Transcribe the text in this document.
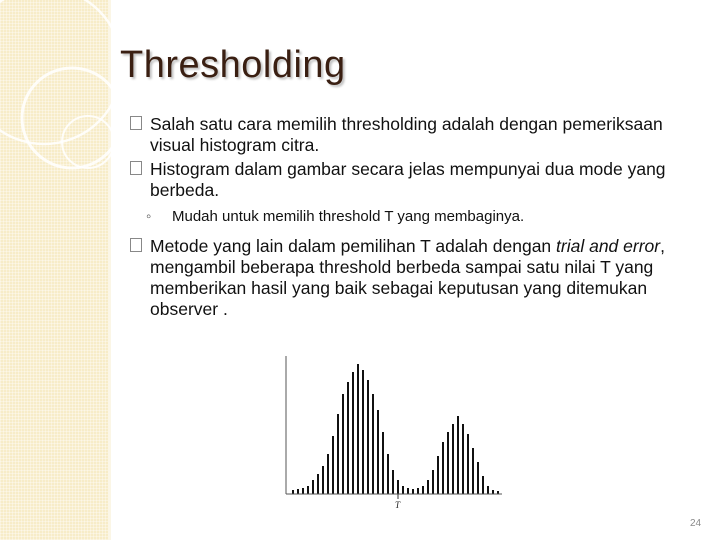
Thresholding
Salah satu cara memilih thresholding adalah dengan pemeriksaan visual histogram citra.
Histogram dalam gambar secara jelas mempunyai dua mode yang berbeda.
◦ Mudah untuk memilih threshold T yang membaginya.
Metode yang lain dalam pemilihan T adalah dengan trial and error, mengambil beberapa threshold berbeda sampai satu nilai T yang memberikan hasil yang baik sebagai keputusan yang ditemukan observer .
T
24
